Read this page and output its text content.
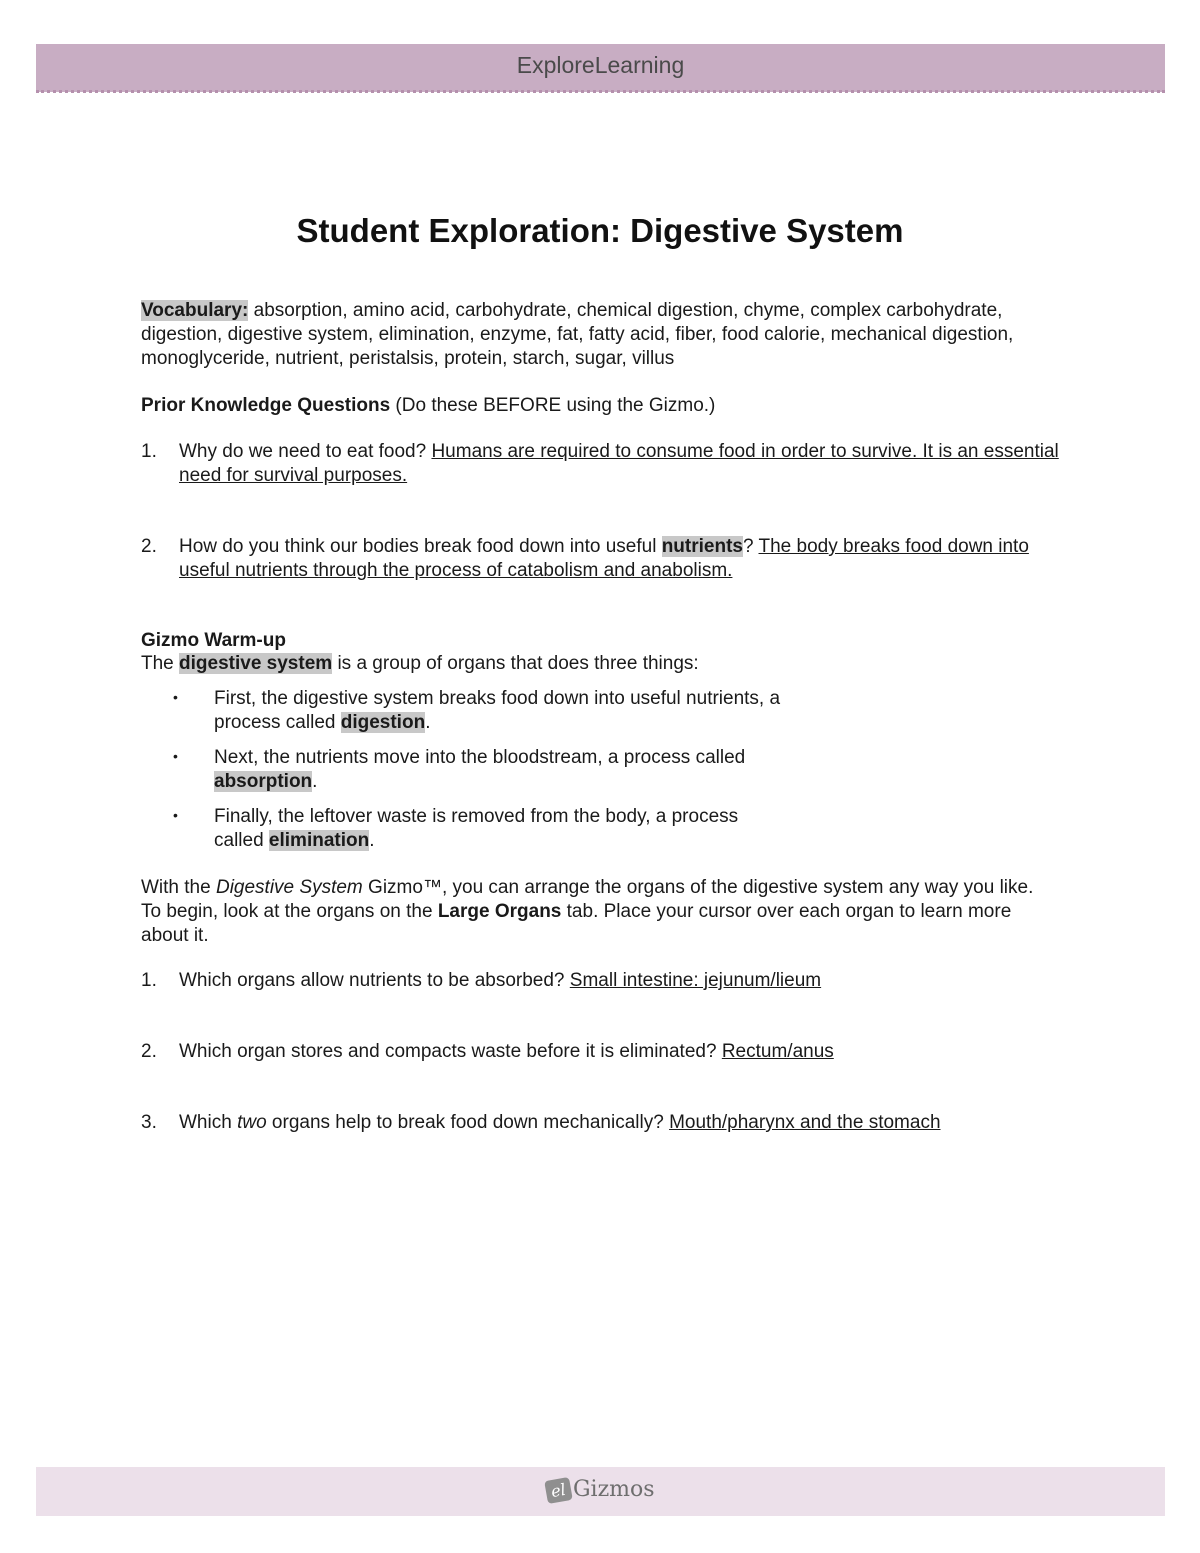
ExploreLearning
Student Exploration: Digestive System
Vocabulary: absorption, amino acid, carbohydrate, chemical digestion, chyme, complex carbohydrate, digestion, digestive system, elimination, enzyme, fat, fatty acid, fiber, food calorie, mechanical digestion, monoglyceride, nutrient, peristalsis, protein, starch, sugar, villus
Prior Knowledge Questions (Do these BEFORE using the Gizmo.)
1. Why do we need to eat food? Humans are required to consume food in order to survive. It is an essential need for survival purposes.
2. How do you think our bodies break food down into useful nutrients? The body breaks food down into useful nutrients through the process of catabolism and anabolism.
Gizmo Warm-up
The digestive system is a group of organs that does three things:
• First, the digestive system breaks food down into useful nutrients, a process called digestion.
• Next, the nutrients move into the bloodstream, a process called absorption.
• Finally, the leftover waste is removed from the body, a process called elimination.
With the Digestive System Gizmo™, you can arrange the organs of the digestive system any way you like. To begin, look at the organs on the Large Organs tab. Place your cursor over each organ to learn more about it.
1. Which organs allow nutrients to be absorbed? Small intestine: jejunum/lieum
2. Which organ stores and compacts waste before it is eliminated? Rectum/anus
3. Which two organs help to break food down mechanically? Mouth/pharynx and the stomach
el Gizmos
